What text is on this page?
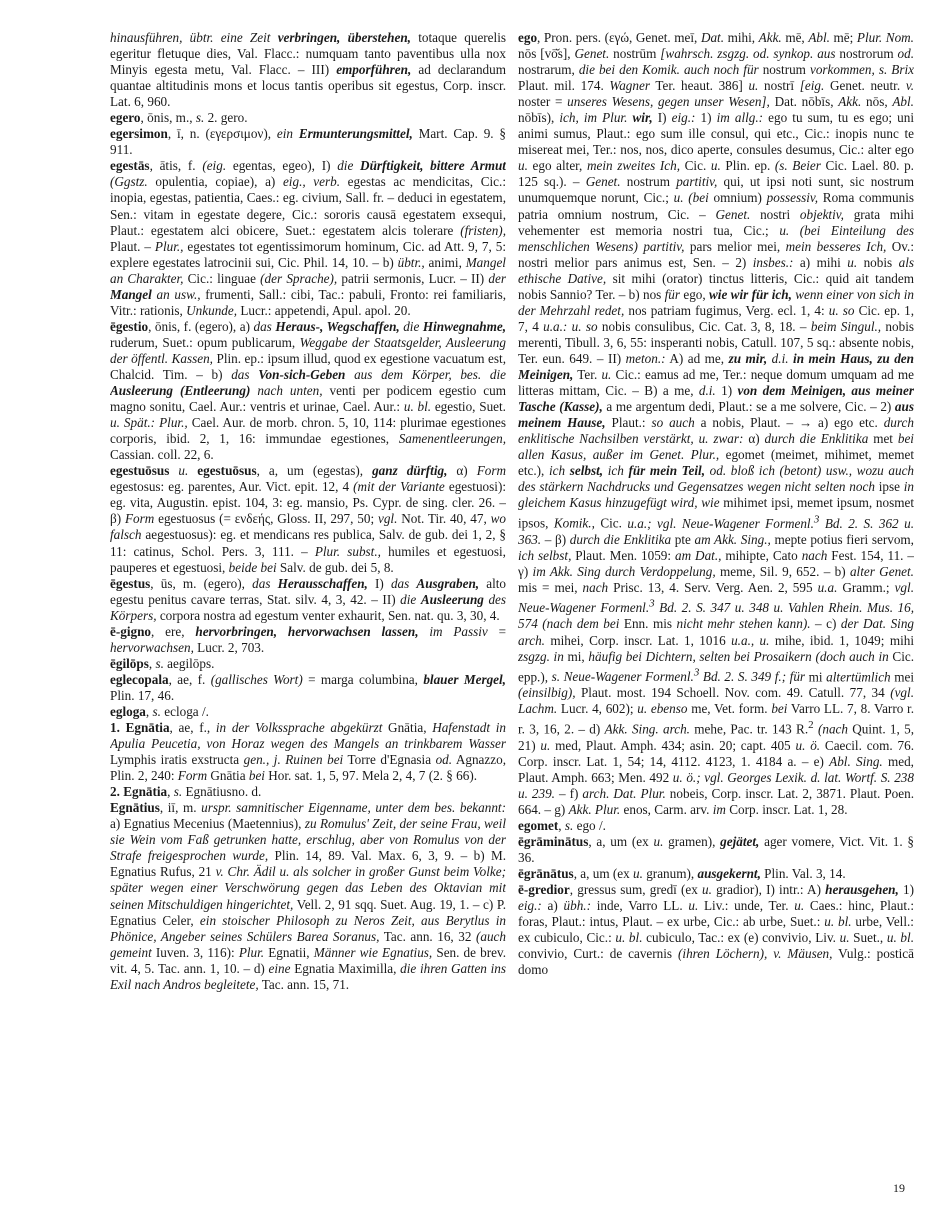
hinausführen, übtr. eine Zeit verbringen, überstehen, totaque querelis egeritur fletuque dies, Val. Flacc.: numquam tanto paventibus ulla nox Minyis egesta metu, Val. Flacc. – III) emporführen, ad declarandum quantae altitudinis mons et locus tantis operibus sit egestus, Corp. inscr. Lat. 6, 960.

egero, ōnis, m., s. 2. gero.

egersimon, ī, n. (εγερσιμον), ein Ermunterungsmittel, Mart. Cap. 9. § 911.

egestās, ātis, f. (eig. egentas, egeo), I) die Dürftigkeit, bittere Armut (Ggstz. opulentia, copiae), a) eig., verb. egestas ac mendicitas, Cic.: inopia, egestas, patientia, Caes.: eg. civium, Sall. fr. – deduci in egestatem, Sen.: vitam in egestate degere, Cic.: sororis causā egestatem exsequi, Plaut.: egestatem alci obicere, Suet.: egestatem alcis tolerare (fristen), Plaut. – Plur., egestates tot egentissimorum hominum, Cic. ad Att. 9, 7, 5: explere egestates latrocinii sui, Cic. Phil. 14, 10. – b) übtr., animi, Mangel an Charakter, Cic.: linguae (der Sprache), patrii sermonis, Lucr. – II) der Mangel an usw., frumenti, Sall.: cibi, Tac.: pabuli, Fronto: rei familiaris, Vitr.: rationis, Unkunde, Lucr.: appetendi, Apul. apol. 20.

ēgestio, ōnis, f. (egero), a) das Heraus-, Wegschaffen, die Hinwegnahme, ruderum, Suet.: opum publicarum, Weggabe der Staatsgelder, Ausleerung der öffentl. Kassen, Plin. ep.: ipsum illud, quod ex egestione vacuatum est, Chalcid. Tim. – b) das Von-sich-Geben aus dem Körper, bes. die Ausleerung (Entleerung) nach unten, venti per podicem egestio cum magno sonitu, Cael. Aur.: ventris et urinae, Cael. Aur.: u. bl. egestio, Suet. u. Spät.: Plur., Cael. Aur. de morb. chron. 5, 10, 114: plurimae egestiones corporis, ibid. 2, 1, 16: immundae egestiones, Samenentleerungen, Cassian. coll. 22, 6.

egestuōsus u. egestuōsus, a, um (egestas), ganz dürftig, α) Form egestosus: eg. parentes, Aur. Vict. epit. 12, 4 (mit der Variante egestuosi): eg. vita, Augustin. epist. 104, 3: eg. mansio, Ps. Cypr. de sing. cler. 26. – β) Form egestuosus (= ενδεής, Gloss. II, 297, 50; vgl. Not. Tir. 40, 47, wo falsch aegestuosus): eg. et mendicans res publica, Salv. de gub. dei 1, 2, § 11: catinus, Schol. Pers. 3, 111. – Plur. subst., humiles et egestuosi, pauperes et egestuosi, beide bei Salv. de gub. dei 5, 8.

ēgestus, ūs, m. (egero), das Herausschaffen, I) das Ausgraben, alto egestu penitus cavare terras, Stat. silv. 4, 3, 42. – II) die Ausleerung des Körpers, corpora nostra ad egestum venter exhaurit, Sen. nat. qu. 3, 30, 4.

ē-gigno, ere, hervorbringen, hervorwachsen lassen, im Passiv = hervorwachsen, Lucr. 2, 703.

ēgilōps, s. aegilōps.

eglecopala, ae, f. (gallisches Wort) = marga columbina, blauer Mergel, Plin. 17, 46.

egloga, s. ecloga /.

1. Egnātia, ae, f., in der Volkssprache abgekürzt Gnātia, Hafenstadt in Apulia Peucetia, von Horaz wegen des Mangels an trinkbarem Wasser Lymphis iratis exstructa gen., j. Ruinen bei Torre d'Egnasia od. Agnazzo, Plin. 2, 240: Form Gnātia bei Hor. sat. 1, 5, 97. Mela 2, 4, 7 (2. § 66).

2. Egnātia, s. Egnātiusno. d.

Egnātius, iī, m. urspr. samnitischer Eigenname, unter dem bes. bekannt: a) Egnatius Mecenius (Maetennius), zu Romulus' Zeit, der seine Frau, weil sie Wein vom Faß getrunken hatte, erschlug, aber von Romulus von der Strafe freigesprochen wurde, Plin. 14, 89. Val. Max. 6, 3, 9. – b) M. Egnatius Rufus, 21 v. Chr. Ädil u. als solcher in großer Gunst beim Volke; später wegen einer Verschwörung gegen das Leben des Oktavian mit seinen Mitschuldigen hingerichtet, Vell. 2, 91 sqq. Suet. Aug. 19, 1. – c) P. Egnatius Celer, ein stoischer Philosoph zu Neros Zeit, aus Berytlus in Phönice, Angeber seines Schülers Barea Soranus, Tac. ann. 16, 32 (auch gemeint Iuven. 3, 116): Plur. Egnatii, Männer wie Egnatius, Sen. de brev. vit. 4, 5. Tac. ann. 1, 10. – d) eine Egnatia Maximilla, die ihren Gatten ins Exil nach Andros begleitete, Tac. ann. 15, 71.

ego, Pron. pers. (εγώ, Genet. meī, Dat. mihi, Akk. mē, Abl. mē; Plur. Nom. nōs [vō̆s], Genet. nostrūm [wahrsch. zsgzg. od. synkop. aus nostrorum od. nostrarum, die bei den Komik. auch noch für nostrum vorkommen, s. Brix Plaut. mil. 174. Wagner Ter. heaut. 386] u. nostrī [eig. Genet. neutr. v. noster = unseres Wesens, gegen unser Wesen], Dat. nōbīs, Akk. nōs, Abl. nōbīs), ich, im Plur. wir, I) eig.: 1) im allg.: ego tu sum, tu es ego; uni animi sumus, Plaut.: ego sum ille consul, qui etc., Cic.: inopis nunc te misereat mei, Ter.: nos, nos, dico aperte, consules desumus, Cic.: alter ego u. ego alter, mein zweites Ich, Cic. u. Plin. ep. (s. Beier Cic. Lael. 80. p. 125 sq.). – Genet. nostrum partitiv, qui, ut ipsi noti sunt, sic nostrum unumquemque norunt, Cic.; u. (bei omnium) possessiv, Roma communis patria omnium nostrum, Cic. – Genet. nostri objektiv, grata mihi vehementer est memoria nostri tua, Cic.; u. (bei Einteilung des menschlichen Wesens) partitiv, pars melior mei, mein besseres Ich, Ov.: nostri melior pars animus est, Sen. – 2) insbes.: a) mihi u. nobis als ethische Dative, sit mihi (orator) tinctus litteris, Cic.: quid ait tandem nobis Sannio? Ter. – b) nos für ego, wie wir für ich, wenn einer von sich in der Mehrzahl redet, nos patriam fugimus, Verg. ecl. 1, 4: u. so Cic. ep. 1, 7, 4 u.a.: u. so nobis consulibus, Cic. Cat. 3, 8, 18. – beim Singul., nobis merenti, Tibull. 3, 6, 55: insperanti nobis, Catull. 107, 5 sq.: absente nobis, Ter. eun. 649. – II) meton.: A) ad me, zu mir, d.i. in mein Haus, zu den Meinigen, Ter. u. Cic.: eamus ad me, Ter.: neque domum umquam ad me litteras mittam, Cic. – B) a me, d.i. 1) von dem Meinigen, aus meiner Tasche (Kasse), a me argentum dedi, Plaut.: se a me solvere, Cic. – 2) aus meinem Hause, Plaut.: so auch a nobis, Plaut. – → a) ego etc. durch enklitische Nachsilben verstärkt, u. zwar: α) durch die Enklitika met bei allen Kasus, außer im Genet. Plur., egomet (meimet, mihimet, memet etc.), ich selbst, ich für mein Teil, od. bloß ich (betont) usw., wozu auch des stärkern Nachdrucks und Gegensatzes wegen nicht selten noch ipse in gleichem Kasus hinzugefügt wird, wie mihimet ipsi, memet ipsum, nosmet ipsos, Komik., Cic. u.a.; vgl. Neue-Wagener Formenl.$^3$ Bd. 2. S. 362 u. 363. – β) durch die Enklitika pte am Akk. Sing., mepte potius fieri servom, ich selbst, Plaut. Men. 1059: am Dat., mihipte, Cato nach Fest. 154, 11. – γ) im Akk. Sing durch Verdoppelung, meme, Sil. 9, 652. – b) alter Genet. mis = mei, nach Prisc. 13, 4. Serv. Verg. Aen. 2, 595 u.a. Gramm.; vgl. Neue-Wagener Formenl.$^3$ Bd. 2. S. 347 u. 348 u. Vahlen Rhein. Mus. 16, 574 (nach dem bei Enn. mis nicht mehr stehen kann). – c) der Dat. Sing arch. mihei, Corp. inscr. Lat. 1, 1016 u.a., u. mihe, ibid. 1, 1049; mihi zsgzg. in mi, häufig bei Dichtern, selten bei Prosaikern (doch auch in Cic. epp.), s. Neue-Wagener Formenl.$^3$ Bd. 2. S. 349 f.; für mi altertümlich mei (einsilbig), Plaut. most. 194 Schoell. Nov. com. 49. Catull. 77, 34 (vgl. Lachm. Lucr. 4, 602); u. ebenso me, Vet. form. bei Varro LL. 7, 8. Varro r. r. 3, 16, 2. – d) Akk. Sing. arch. mehe, Pac. tr. 143 R.$^2$ (nach Quint. 1, 5, 21) u. med, Plaut. Amph. 434; asin. 20; capt. 405 u. ö. Caecil. com. 76. Corp. inscr. Lat. 1, 54; 14, 4112. 4123, 1. 4184 a. – e) Abl. Sing. med, Plaut. Amph. 663; Men. 492 u. ö.; vgl. Georges Lexik. d. lat. Wortf. S. 238 u. 239. – f) arch. Dat. Plur. nobeis, Corp. inscr. Lat. 2, 3871. Plaut. Poen. 664. – g) Akk. Plur. enos, Carm. arv. im Corp. inscr. Lat. 1, 28.

egomet, s. ego /.

ēgrāminātus, a, um (ex u. gramen), gejätet, ager vomere, Vict. Vit. 1. § 36.

ēgrānātus, a, um (ex u. granum), ausgekernt, Plin. Val. 3, 14.

ē-gredior, gressus sum, gredī (ex u. gradior), I) intr.: A) herausgehen, 1) eig.: a) übh.: inde, Varro LL. u. Liv.: unde, Ter. u. Caes.: hinc, Plaut.: foras, Plaut.: intus, Plaut. – ex urbe, Cic.: ab urbe, Suet.: u. bl. urbe, Vell.: ex cubiculo, Cic.: u. bl. cubiculo, Tac.: ex (e) convivio, Liv. u. Suet., u. bl. convivio, Curt.: de cavernis (ihren Löchern), v. Mäusen, Vulg.: posticā domo

19
